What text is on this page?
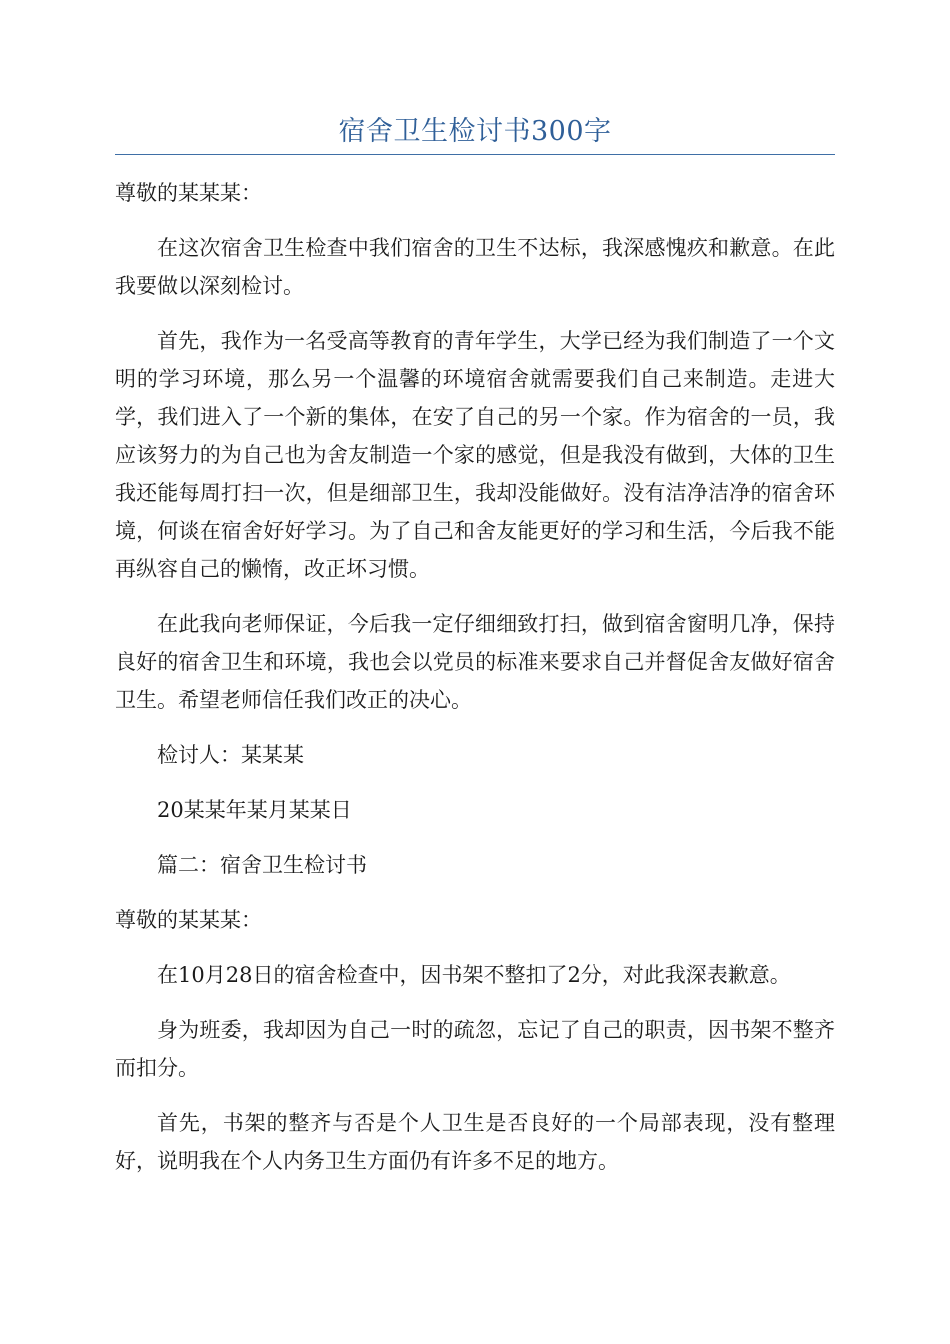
宿舍卫生检讨书300字

尊敬的某某某：

在这次宿舍卫生检查中我们宿舍的卫生不达标，我深感愧疚和歉意。在此我要做以深刻检讨。

首先，我作为一名受高等教育的青年学生，大学已经为我们制造了一个文明的学习环境，那么另一个温馨的环境宿舍就需要我们自己来制造。走进大学，我们进入了一个新的集体，在安了自己的另一个家。作为宿舍的一员，我应该努力的为自己也为舍友制造一个家的感觉，但是我没有做到，大体的卫生我还能每周打扫一次，但是细部卫生，我却没能做好。没有洁净洁净的宿舍环境，何谈在宿舍好好学习。为了自己和舍友能更好的学习和生活，今后我不能再纵容自己的懒惰，改正坏习惯。

在此我向老师保证，今后我一定仔细细致打扫，做到宿舍窗明几净，保持良好的宿舍卫生和环境，我也会以党员的标准来要求自己并督促舍友做好宿舍卫生。希望老师信任我们改正的决心。

检讨人：某某某

20某某年某月某某日

篇二：宿舍卫生检讨书

尊敬的某某某：

在10月28日的宿舍检查中，因书架不整扣了2分，对此我深表歉意。

身为班委，我却因为自己一时的疏忽，忘记了自己的职责，因书架不整齐而扣分。

首先，书架的整齐与否是个人卫生是否良好的一个局部表现，没有整理好，说明我在个人内务卫生方面仍有许多不足的地方。
